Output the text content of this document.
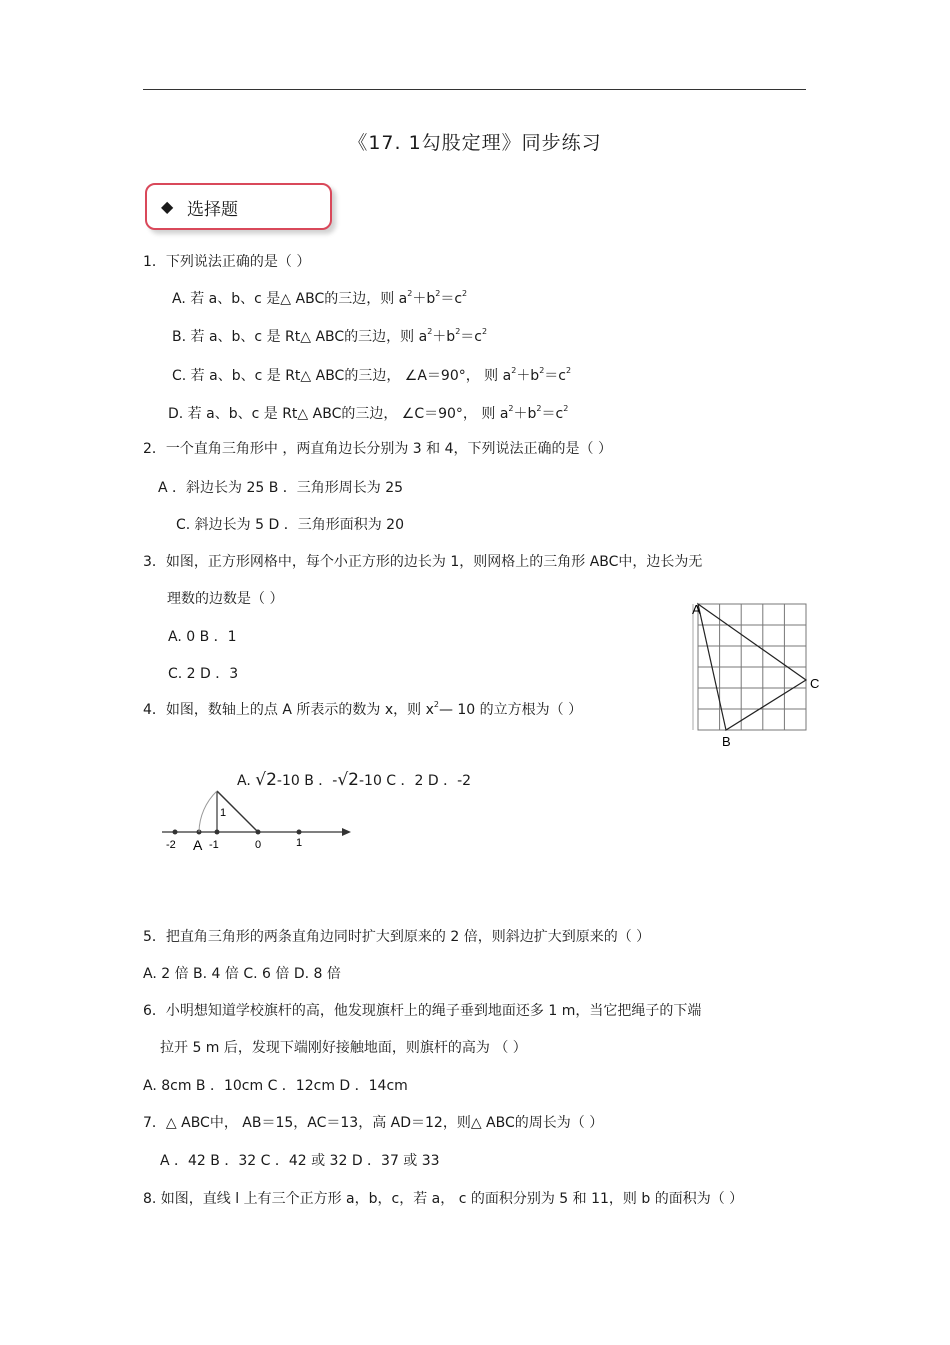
《17. 1勾股定理》同步练习
◆ 选择题
1．下列说法正确的是（ ）
A. 若 a、b、c 是△ ABC的三边，则 $a^2+b^2=c^2$
B. 若 a、b、c 是 Rt△ ABC的三边，则 $a^2+b^2=c^2$
C. 若 a、b、c 是 Rt△ ABC的三边， ∠A＝90°， 则 $a^2+b^2=c^2$
D. 若 a、b、c 是 Rt△ ABC的三边， ∠C＝90°， 则 $a^2+b^2=c^2$
2．一个直角三角形中 ，两直角边长分别为 3 和 4，下列说法正确的是（ ）
A ．斜边长为 25 B ．三角形周长为 25
C. 斜边长为 5 D ．三角形面积为 20
3．如图，正方形网格中，每个小正方形的边长为 1，则网格上的三角形 ABC中，边长为无
理数的边数是（ ）
A. 0 B ．1
C. 2 D ．3
A
C
B
4．如图，数轴上的点 A 所表示的数为 x，则 $x^2—$ 10 的立方根为（ ）
A. √2-10 B ．-√2-10 C ．2 D ．-2
1
-2 A -1	0	1
5．把直角三角形的两条直角边同时扩大到原来的 2 倍，则斜边扩大到原来的（ ）
A. 2 倍 B. 4 倍 C. 6 倍 D. 8 倍
6．小明想知道学校旗杆的高，他发现旗杆上的绳子垂到地面还多 1 m，当它把绳子的下端
拉开 5 m 后，发现下端刚好接触地面，则旗杆的高为 （ ）
A. 8cm B ．10cm C ．12cm D ．14cm
7．△ ABC中， AB＝15，AC＝13，高 AD＝12，则△ ABC的周长为（ ）
A ．42 B ．32 C ．42 或 32 D ．37 或 33
8. 如图，直线 l 上有三个正方形 a，b，c，若 a， c 的面积分别为 5 和 11，则 b 的面积为（ ）
